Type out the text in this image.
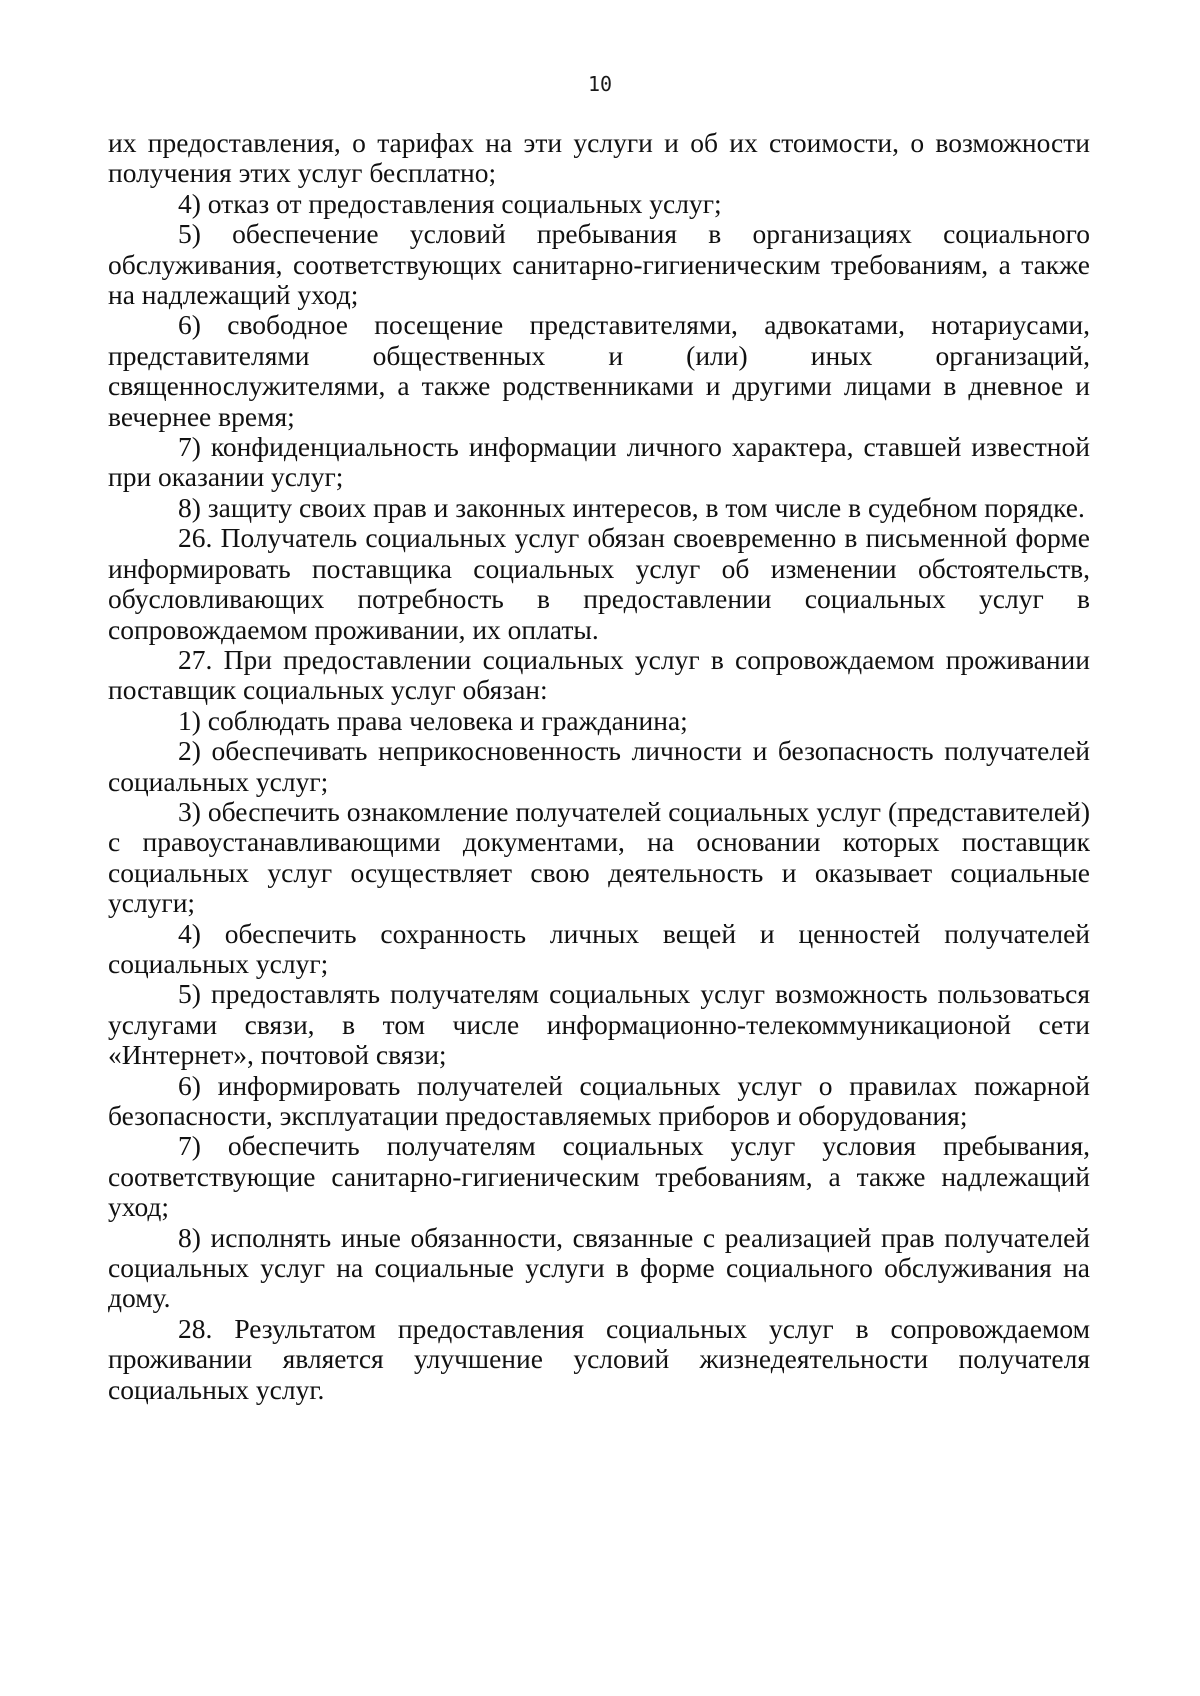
10

их предоставления, о тарифах на эти услуги и об их стоимости, о возможности получения этих услуг бесплатно;

4) отказ от предоставления социальных услуг;

5) обеспечение условий пребывания в организациях социального обслуживания, соответствующих санитарно-гигиеническим требованиям, а также на надлежащий уход;

6) свободное посещение представителями, адвокатами, нотариусами, представителями общественных и (или) иных организаций, священнослужителями, а также родственниками и другими лицами в дневное и вечернее время;

7) конфиденциальность информации личного характера, ставшей известной при оказании услуг;

8) защиту своих прав и законных интересов, в том числе в судебном порядке.

26. Получатель социальных услуг обязан своевременно в письменной форме информировать поставщика социальных услуг об изменении обстоятельств, обусловливающих потребность в предоставлении социальных услуг в сопровождаемом проживании, их оплаты.

27. При предоставлении социальных услуг в сопровождаемом проживании поставщик социальных услуг обязан:

1) соблюдать права человека и гражданина;

2) обеспечивать неприкосновенность личности и безопасность получателей социальных услуг;

3) обеспечить ознакомление получателей социальных услуг (представителей) с правоустанавливающими документами, на основании которых поставщик социальных услуг осуществляет свою деятельность и оказывает социальные услуги;

4) обеспечить сохранность личных вещей и ценностей получателей социальных услуг;

5) предоставлять получателям социальных услуг возможность пользоваться услугами связи, в том числе информационно-телекоммуникационой сети «Интернет», почтовой связи;

6) информировать получателей социальных услуг о правилах пожарной безопасности, эксплуатации предоставляемых приборов и оборудования;

7) обеспечить получателям социальных услуг условия пребывания, соответствующие санитарно-гигиеническим требованиям, а также надлежащий уход;

8) исполнять иные обязанности, связанные с реализацией прав получателей социальных услуг на социальные услуги в форме социального обслуживания на дому.

28. Результатом предоставления социальных услуг в сопровождаемом проживании является улучшение условий жизнедеятельности получателя социальных услуг.
